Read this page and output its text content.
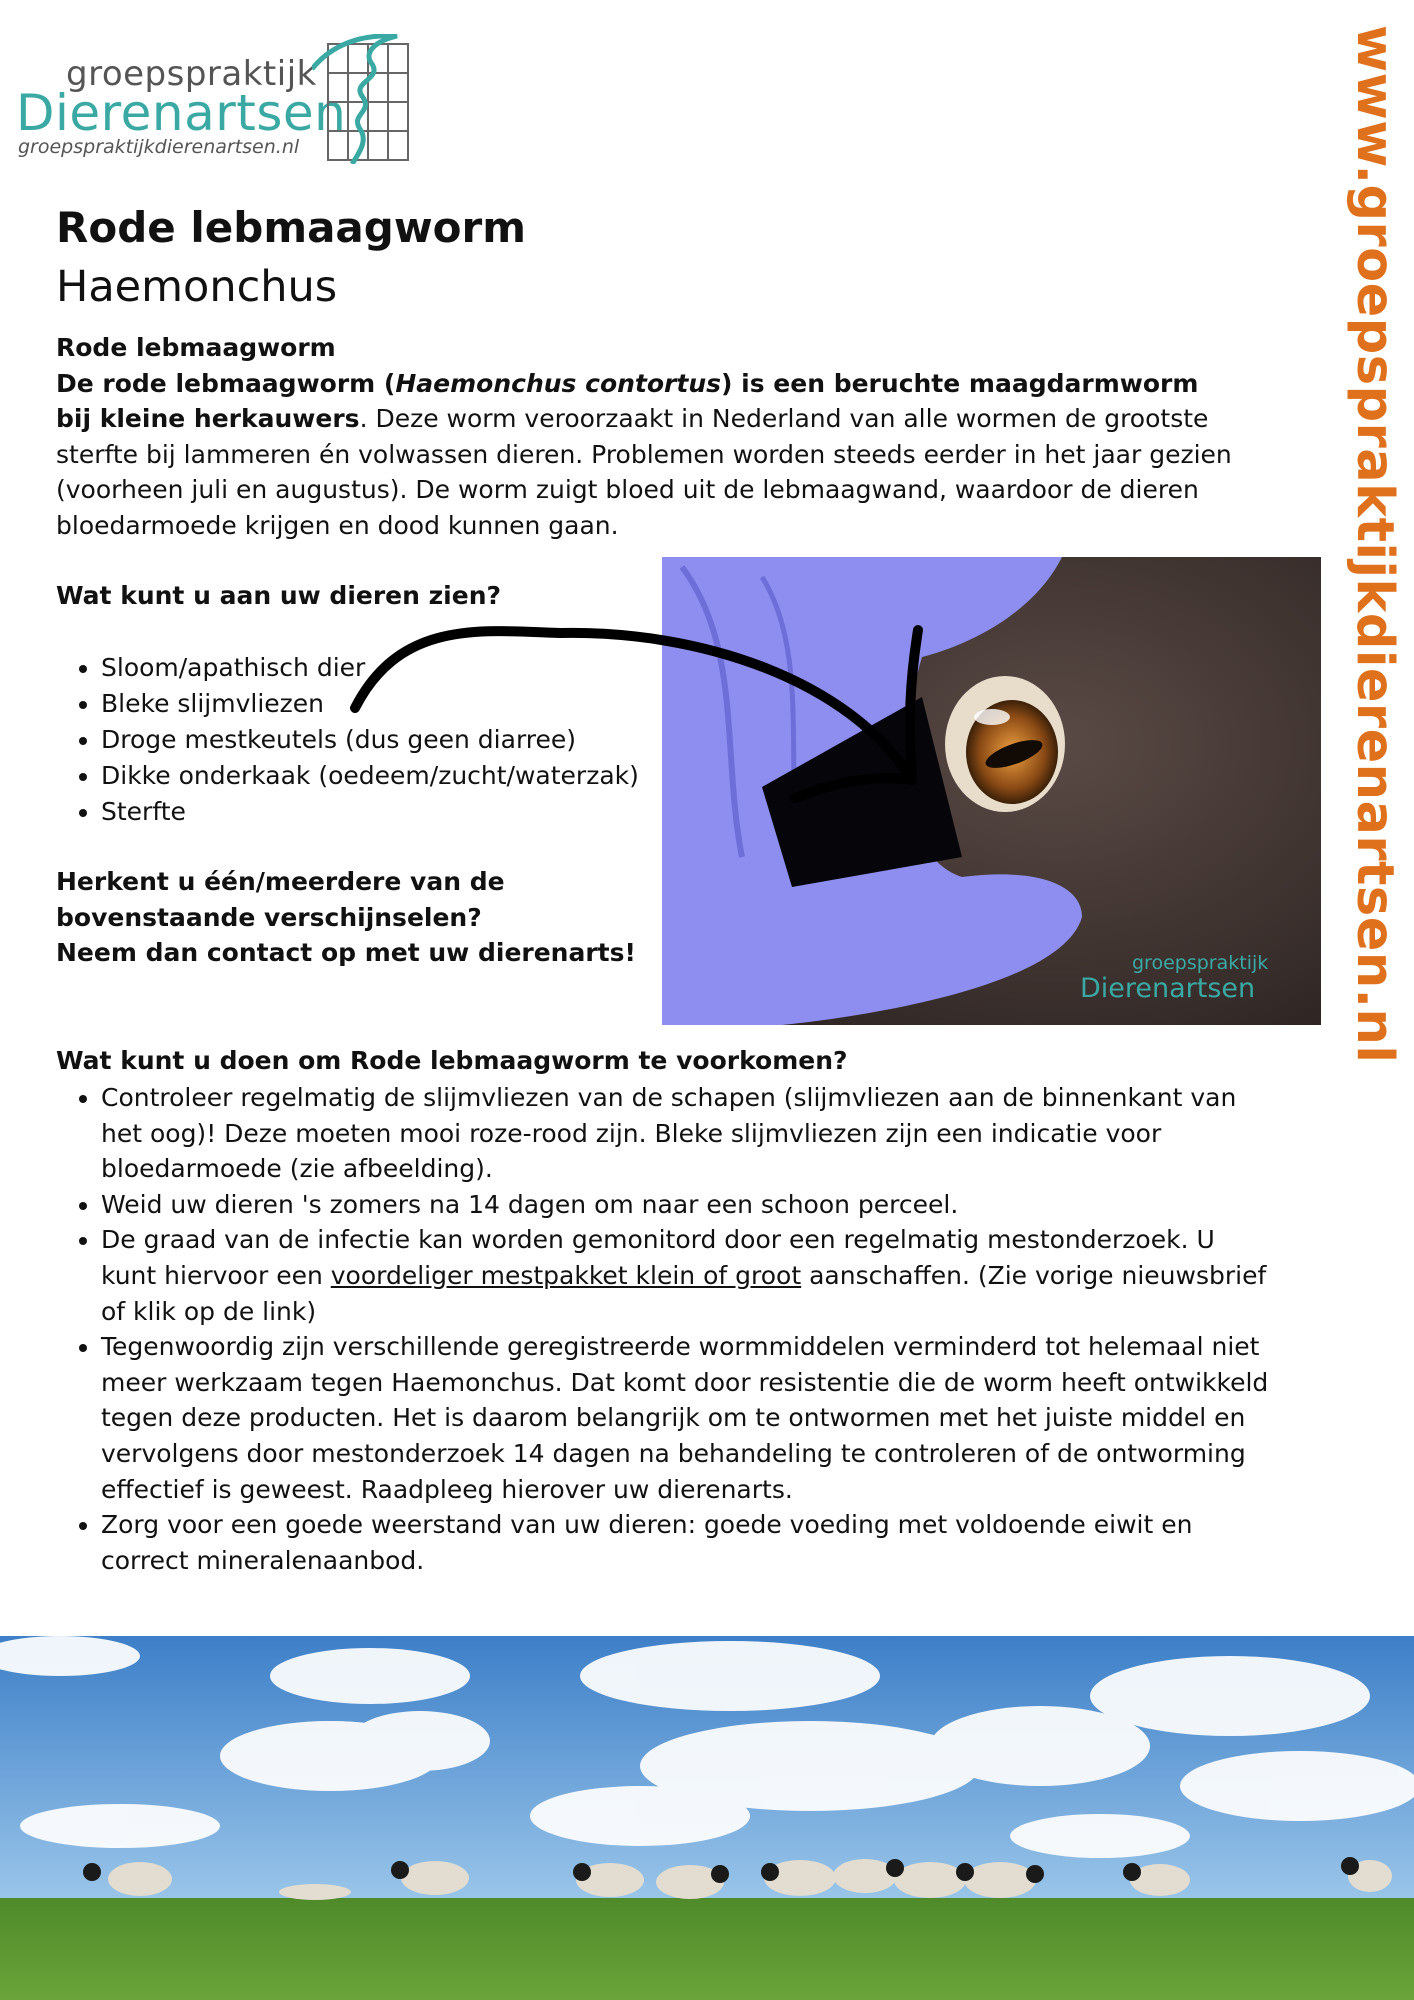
groepspraktijk
Dierenartsen
groepspraktijkdierenartsen.nl	www.groepspraktijkdierenartsen.nl
Rode lebmaagworm
Haemonchus

Rode lebmaagworm

De rode lebmaagworm (Haemonchus contortus) is een beruchte maagdarmworm bij kleine herkauwers. Deze worm veroorzaakt in Nederland van alle wormen de grootste sterfte bij lammeren én volwassen dieren. Problemen worden steeds eerder in het jaar gezien (voorheen juli en augustus). De worm zuigt bloed uit de lebmaagwand, waardoor de dieren bloedarmoede krijgen en dood kunnen gaan.

Wat kunt u aan uw dieren zien?
• Sloom/apathisch dier
• Bleke slijmvliezen
• Droge mestkeutels (dus geen diarree)
• Dikke onderkaak (oedeem/zucht/waterzak)
• Sterfte
Herkent u één/meerdere van de bovenstaande verschijnselen?
Neem dan contact op met uw dierenarts!	groepspraktijk
Dierenartsen
Wat kunt u doen om Rode lebmaagworm te voorkomen?
• Controleer regelmatig de slijmvliezen van de schapen (slijmvliezen aan de binnenkant van het oog)! Deze moeten mooi roze-rood zijn. Bleke slijmvliezen zijn een indicatie voor bloedarmoede (zie afbeelding).
• Weid uw dieren 's zomers na 14 dagen om naar een schoon perceel.
• De graad van de infectie kan worden gemonitord door een regelmatig mestonderzoek. U kunt hiervoor een voordeliger mestpakket klein of groot aanschaffen. (Zie vorige nieuwsbrief of klik op de link)
• Tegenwoordig zijn verschillende geregistreerde wormmiddelen verminderd tot helemaal niet meer werkzaam tegen Haemonchus. Dat komt door resistentie die de worm heeft ontwikkeld tegen deze producten. Het is daarom belangrijk om te ontwormen met het juiste middel en vervolgens door mestonderzoek 14 dagen na behandeling te controleren of de ontworming effectief is geweest. Raadpleeg hierover uw dierenarts.
• Zorg voor een goede weerstand van uw dieren: goede voeding met voldoende eiwit en correct mineralenaanbod.
